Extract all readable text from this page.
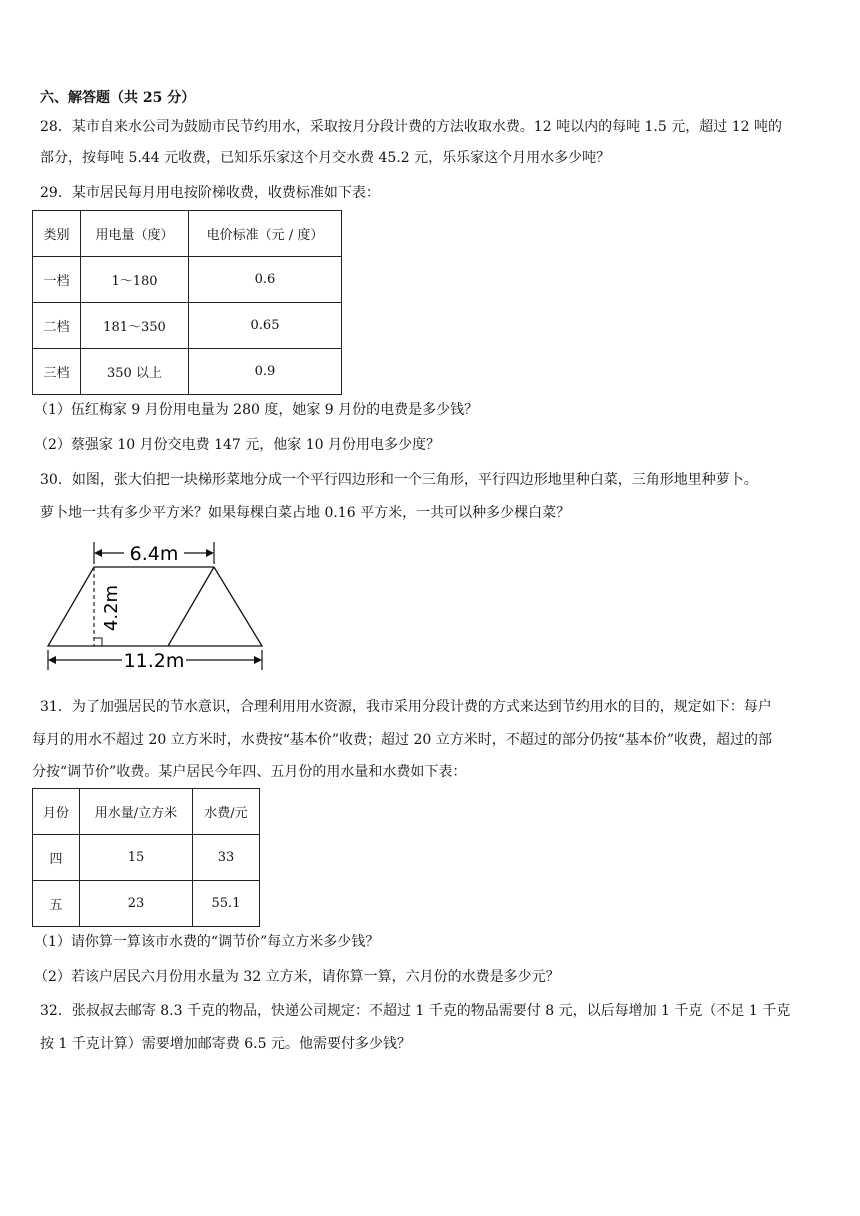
六、解答题（共 25 分）
28．某市自来水公司为鼓励市民节约用水，采取按月分段计费的方法收取水费。12 吨以内的每吨 1.5 元，超过 12 吨的
部分，按每吨 5.44 元收费，已知乐乐家这个月交水费 45.2 元，乐乐家这个月用水多少吨？
29．某市居民每月用电按阶梯收费，收费标准如下表：
类别	用电量（度）	电价标准（元 / 度）
一档	1～180	0.6
二档	181～350	0.65
三档	350 以上	0.9
（1）伍红梅家 9 月份用电量为 280 度，她家 9 月份的电费是多少钱？
（2）蔡强家 10 月份交电费 147 元，他家 10 月份用电多少度？
30．如图，张大伯把一块梯形菜地分成一个平行四边形和一个三角形，平行四边形地里种白菜，三角形地里种萝卜。
萝卜地一共有多少平方米？如果每棵白菜占地 0.16 平方米，一共可以种多少棵白菜？
6.4m
4.2m
11.2m
31．为了加强居民的节水意识，合理利用用水资源，我市采用分段计费的方式来达到节约用水的目的，规定如下：每户
每月的用水不超过 20 立方米时，水费按“基本价”收费；超过 20 立方米时，不超过的部分仍按“基本价”收费，超过的部
分按“调节价”收费。某户居民今年四、五月份的用水量和水费如下表：
月份	用水量/立方米	水费/元
四	15	33
五	23	55.1
（1）请你算一算该市水费的“调节价”每立方米多少钱？
（2）若该户居民六月份用水量为 32 立方米，请你算一算，六月份的水费是多少元？
32．张叔叔去邮寄 8.3 千克的物品，快递公司规定：不超过 1 千克的物品需要付 8 元，以后每增加 1 千克（不足 1 千克
按 1 千克计算）需要增加邮寄费 6.5 元。他需要付多少钱？
